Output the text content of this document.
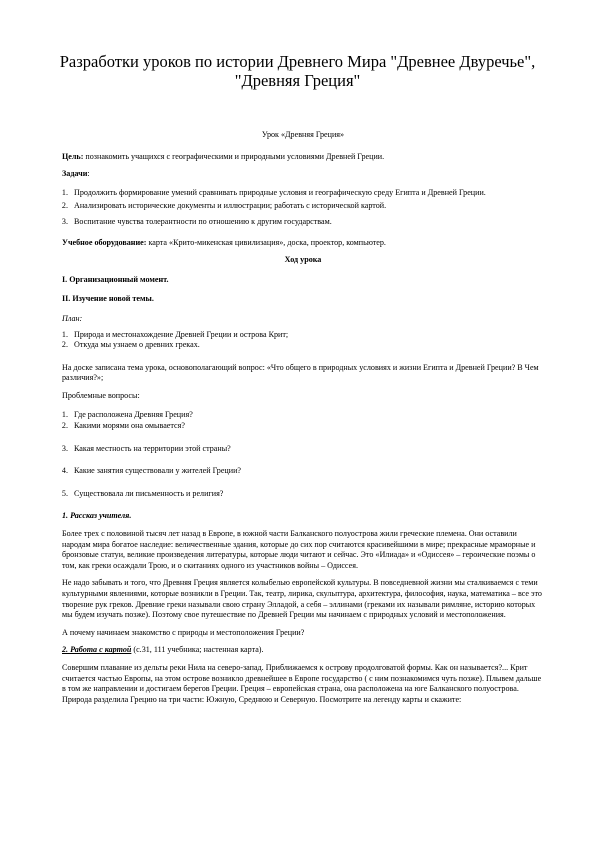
Разработки уроков по истории Древнего Мира "Древнее Двуречье",
"Древняя Греция"
Урок «Древняя Греция»

Цель: познакомить учащихся с географическими и природными условиями Древней Греции.

Задачи:

1. Продолжить формирование умений сравнивать природные условия и географическую среду Египта и Древней Греции.
2. Анализировать исторические документы и иллюстрации; работать с исторической картой.
3. Воспитание чувства толерантности по отношению к другим государствам.

Учебное оборудование: карта «Крито-микенская цивилизация», доска, проектор, компьютер.

Ход урока
I. Организационный момент.
II. Изучение новой темы.
План:
1. Природа и местонахождение Древней Греции и острова Крит;
2. Откуда мы узнаем о древних греках.

На доске записана тема урока, основополагающий вопрос: «Что общего в природных условиях и жизни Египта и Древней Греции? В Чем различия?»;

Проблемные вопросы:

1. Где расположена Древняя Греция?
2. Какими морями она омывается?
3. Какая местность на территории этой страны?
4. Какие занятия существовали у жителей Греции?
5. Существовала ли письменность и религия?

1. Рассказ учителя.

Более трех с половиной тысяч лет назад в Европе, в южной части Балканского полуострова жили греческие племена. Они оставили народам мира богатое наследие: величественные здания, которые до сих пор считаются красивейшими в мире; прекрасные мраморные и бронзовые статуи, великие произведения литературы, которые люди читают и сейчас. Это «Илиада» и «Одиссея» – героические поэмы о том, как греки осаждали Трою, и о скитаниях одного из участников войны – Одиссея.

Не надо забывать и того, что Древняя Греция является колыбелью европейской культуры. В повседневной жизни мы сталкиваемся с теми культурными явлениями, которые возникли в Греции. Так, театр, лирика, скульптура, архитектура, философия, наука, математика – все это творение рук греков. Древние греки называли свою страну Элладой, а себя – эллинами (греками их называли римляне, историю которых мы будем изучать позже). Поэтому свое путешествие по Древней Греции мы начинаем с природных условий и местоположения.

А почему начинаем знакомство с природы и местоположения Греции?

2. Работа с картой (с.31, 111 учебника; настенная карта).

Совершим плавание из дельты реки Нила на северо-запад. Приближаемся к острову продолговатой формы. Как он называется?... Крит считается частью Европы, на этом острове возникло древнейшее в Европе государство ( с ним познакомимся чуть позже). Плывем дальше в том же направлении и достигаем берегов Греции. Греция – европейская страна, она расположена на юге Балканского полуострова. Природа разделила Грецию на три части: Южную, Среднюю и Северную. Посмотрите на легенду карты и скажите:
